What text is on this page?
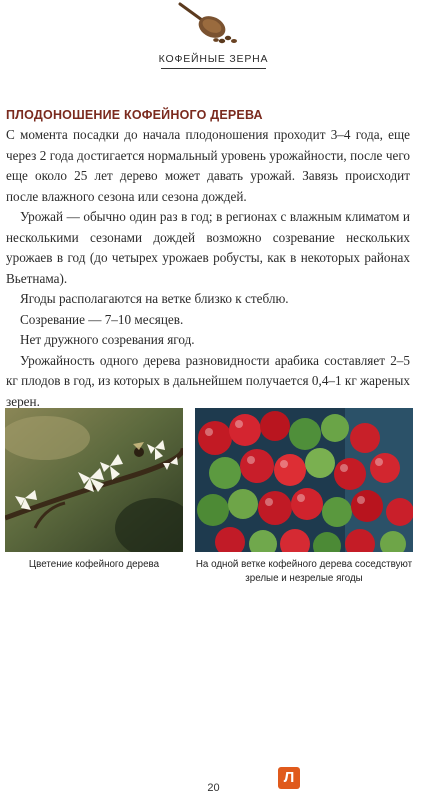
КОФЕЙНЫЕ ЗЕРНА
ПЛОДОНОШЕНИЕ КОФЕЙНОГО ДЕРЕВА

С момента посадки до начала плодоношения проходит 3–4 года, еще через 2 года достигается нормальный уровень урожайности, после чего еще около 25 лет дерево может давать урожай. Завязь происходит после влажного сезона или сезона дождей.

Урожай — обычно один раз в год; в регионах с влажным климатом и несколькими сезонами дождей возможно созревание нескольких урожаев в год (до четырех урожаев робусты, как в некоторых районах Вьетнама).

Ягоды располагаются на ветке близко к стеблю.

Созревание — 7–10 месяцев.

Нет дружного созревания ягод.

Урожайность одного дерева разновидности арабика составляет 2–5 кг плодов в год, из которых в дальнейшем получается 0,4–1 кг жареных зерен.

Цветение кофейного дерева	На одной ветке кофейного дерева соседствуют зрелые и незрелые ягоды
20
Л
